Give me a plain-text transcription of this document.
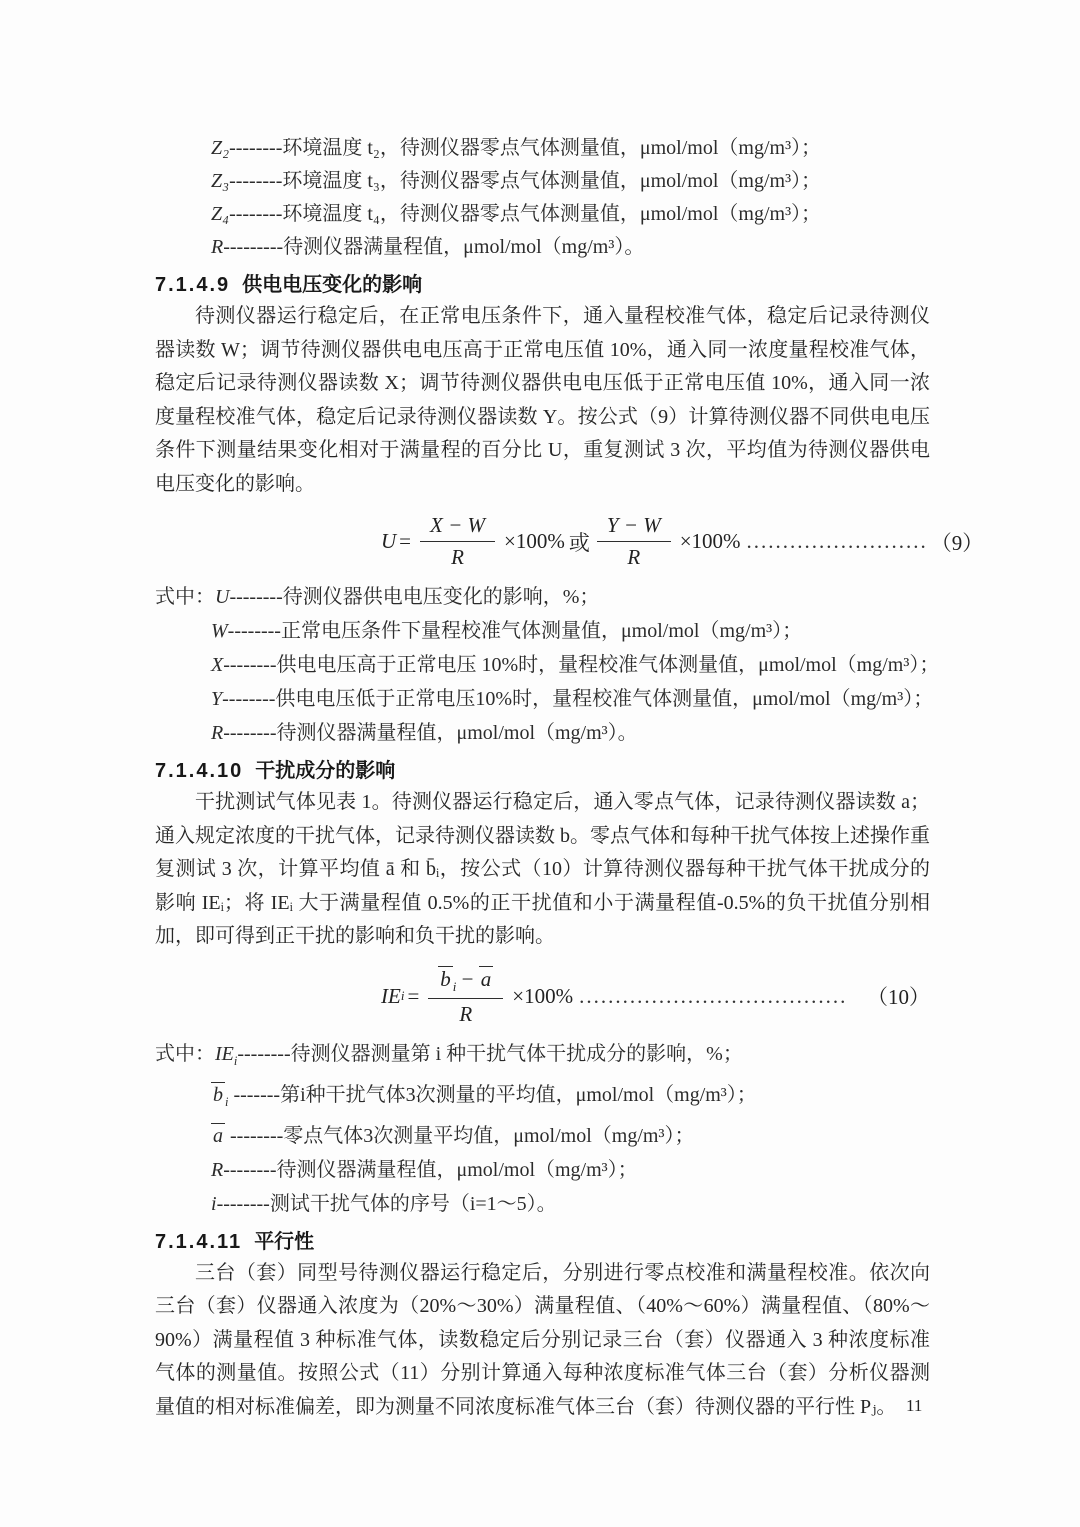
Z₂--------环境温度 t₂，待测仪器零点气体测量值，μmol/mol（mg/m³）；
Z₃--------环境温度 t₃，待测仪器零点气体测量值，μmol/mol（mg/m³）；
Z₄--------环境温度 t₄，待测仪器零点气体测量值，μmol/mol（mg/m³）；
R---------待测仪器满量程值，μmol/mol（mg/m³）。
7.1.4.9 供电电压变化的影响
待测仪器运行稳定后，在正常电压条件下，通入量程校准气体，稳定后记录待测仪器读数 W；调节待测仪器供电电压高于正常电压值 10%，通入同一浓度量程校准气体，稳定后记录待测仪器读数 X；调节待测仪器供电电压低于正常电压值 10%，通入同一浓度量程校准气体，稳定后记录待测仪器读数 Y。按公式（9）计算待测仪器不同供电电压条件下测量结果变化相对于满量程的百分比 U，重复测试 3 次，平均值为待测仪器供电电压变化的影响。
$U = \frac{X - W}{R} \times 100\%$ 或 $\frac{Y - W}{R} \times 100\%$ ......................... （9）
式中：U--------待测仪器供电电压变化的影响，%；
W--------正常电压条件下量程校准气体测量值，μmol/mol（mg/m³）；
X--------供电电压高于正常电压 10%时，量程校准气体测量值，μmol/mol（mg/m³）；
Y--------供电电压低于正常电压10%时，量程校准气体测量值，μmol/mol（mg/m³）；
R--------待测仪器满量程值，μmol/mol（mg/m³）。
7.1.4.10 干扰成分的影响
干扰测试气体见表 1。待测仪器运行稳定后，通入零点气体，记录待测仪器读数 a；通入规定浓度的干扰气体，记录待测仪器读数 b。零点气体和每种干扰气体按上述操作重复测试 3 次，计算平均值 ā 和 b̄ᵢ，按公式（10）计算待测仪器每种干扰气体干扰成分的影响 IEᵢ；将 IEᵢ 大于满量程值 0.5%的正干扰值和小于满量程值-0.5%的负干扰值分别相加，即可得到正干扰的影响和负干扰的影响。
IE $i = \frac{b _i - a}{R} \times 100\%$ ..................................... （10）
式中：$IE_i--------$待测仪器测量第 i 种干扰气体干扰成分的影响，%；
b $_i$ -------第i种干扰气体3次测量的平均值，μmol/mol（mg/m³）；
a --------零点气体3次测量平均值，μmol/mol（mg/m³）；
R--------待测仪器满量程值，μmol/mol（mg/m³）；
i--------测试干扰气体的序号（i=1～5）。
7.1.4.11 平行性
三台（套）同型号待测仪器运行稳定后，分别进行零点校准和满量程校准。依次向三台（套）仪器通入浓度为（20%～30%）满量程值、（40%～60%）满量程值、（80%～90%）满量程值 3 种标准气体，读数稳定后分别记录三台（套）仪器通入 3 种浓度标准气体的测量值。按照公式（11）分别计算通入每种浓度标准气体三台（套）分析仪器测量值的相对标准偏差，即为测量不同浓度标准气体三台（套）待测仪器的平行性 Pⱼ。 11
